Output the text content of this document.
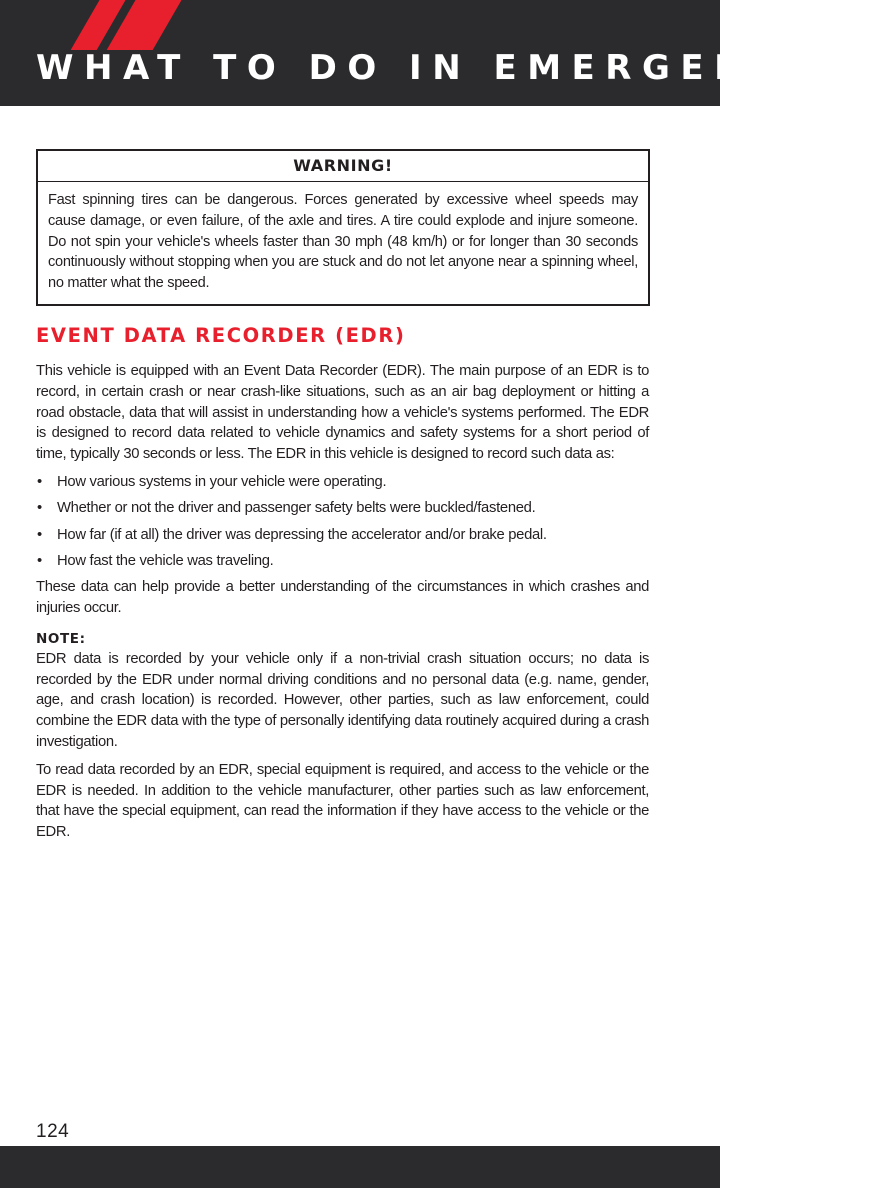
WHAT TO DO IN EMERGENCIES
WARNING!
Fast spinning tires can be dangerous. Forces generated by excessive wheel speeds may cause damage, or even failure, of the axle and tires. A tire could explode and injure someone. Do not spin your vehicle's wheels faster than 30 mph (48 km/h) or for longer than 30 seconds continuously without stopping when you are stuck and do not let anyone near a spinning wheel, no matter what the speed.
EVENT DATA RECORDER (EDR)

This vehicle is equipped with an Event Data Recorder (EDR). The main purpose of an EDR is to record, in certain crash or near crash-like situations, such as an air bag deployment or hitting a road obstacle, data that will assist in understanding how a vehicle's systems performed. The EDR is designed to record data related to vehicle dynamics and safety systems for a short period of time, typically 30 seconds or less. The EDR in this vehicle is designed to record such data as:

• How various systems in your vehicle were operating.
• Whether or not the driver and passenger safety belts were buckled/fastened.
• How far (if at all) the driver was depressing the accelerator and/or brake pedal.
• How fast the vehicle was traveling.

These data can help provide a better understanding of the circumstances in which crashes and injuries occur.

NOTE:

EDR data is recorded by your vehicle only if a non-trivial crash situation occurs; no data is recorded by the EDR under normal driving conditions and no personal data (e.g. name, gender, age, and crash location) is recorded. However, other parties, such as law enforcement, could combine the EDR data with the type of personally identifying data routinely acquired during a crash investigation.

To read data recorded by an EDR, special equipment is required, and access to the vehicle or the EDR is needed. In addition to the vehicle manufacturer, other parties such as law enforcement, that have the special equipment, can read the information if they have access to the vehicle or the EDR.

124
